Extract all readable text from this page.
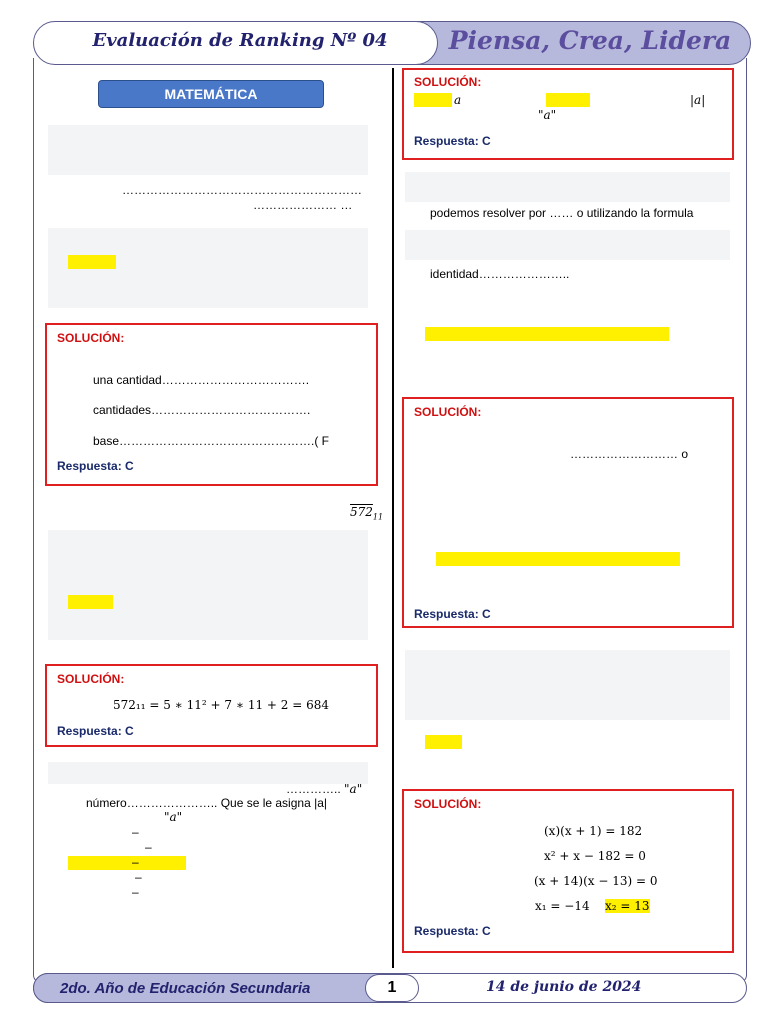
Evaluación de Ranking Nº 04	Piensa, Crea, Lidera
MATEMÁTICA
……………………………………………………
………………… …
SOLUCIÓN:
una cantidad……………………………….
cantidades………………………………….
base………………………………………….( F
Respuesta: C
$572_{11}$
SOLUCIÓN:
572₁₁ = 5 ∗ 11² + 7 ∗ 11 + 2 = 684
Respuesta: C
………….. "a"
número………………….. Que se le asigna |a|
"a"
–
–
–
–
–
SOLUCIÓN:
a	|a|
"a"
Respuesta: C
podemos resolver por …… o utilizando la formula
identidad…………………..
SOLUCIÓN:
……………………… o
Respuesta: C
SOLUCIÓN:
(x)(x + 1) = 182
x² + x − 182 = 0
(x + 14)(x − 13) = 0
x₁ = −14 x₂ = 13
Respuesta: C
2do. Año de Educación Secundaria	1	14 de junio de 2024
